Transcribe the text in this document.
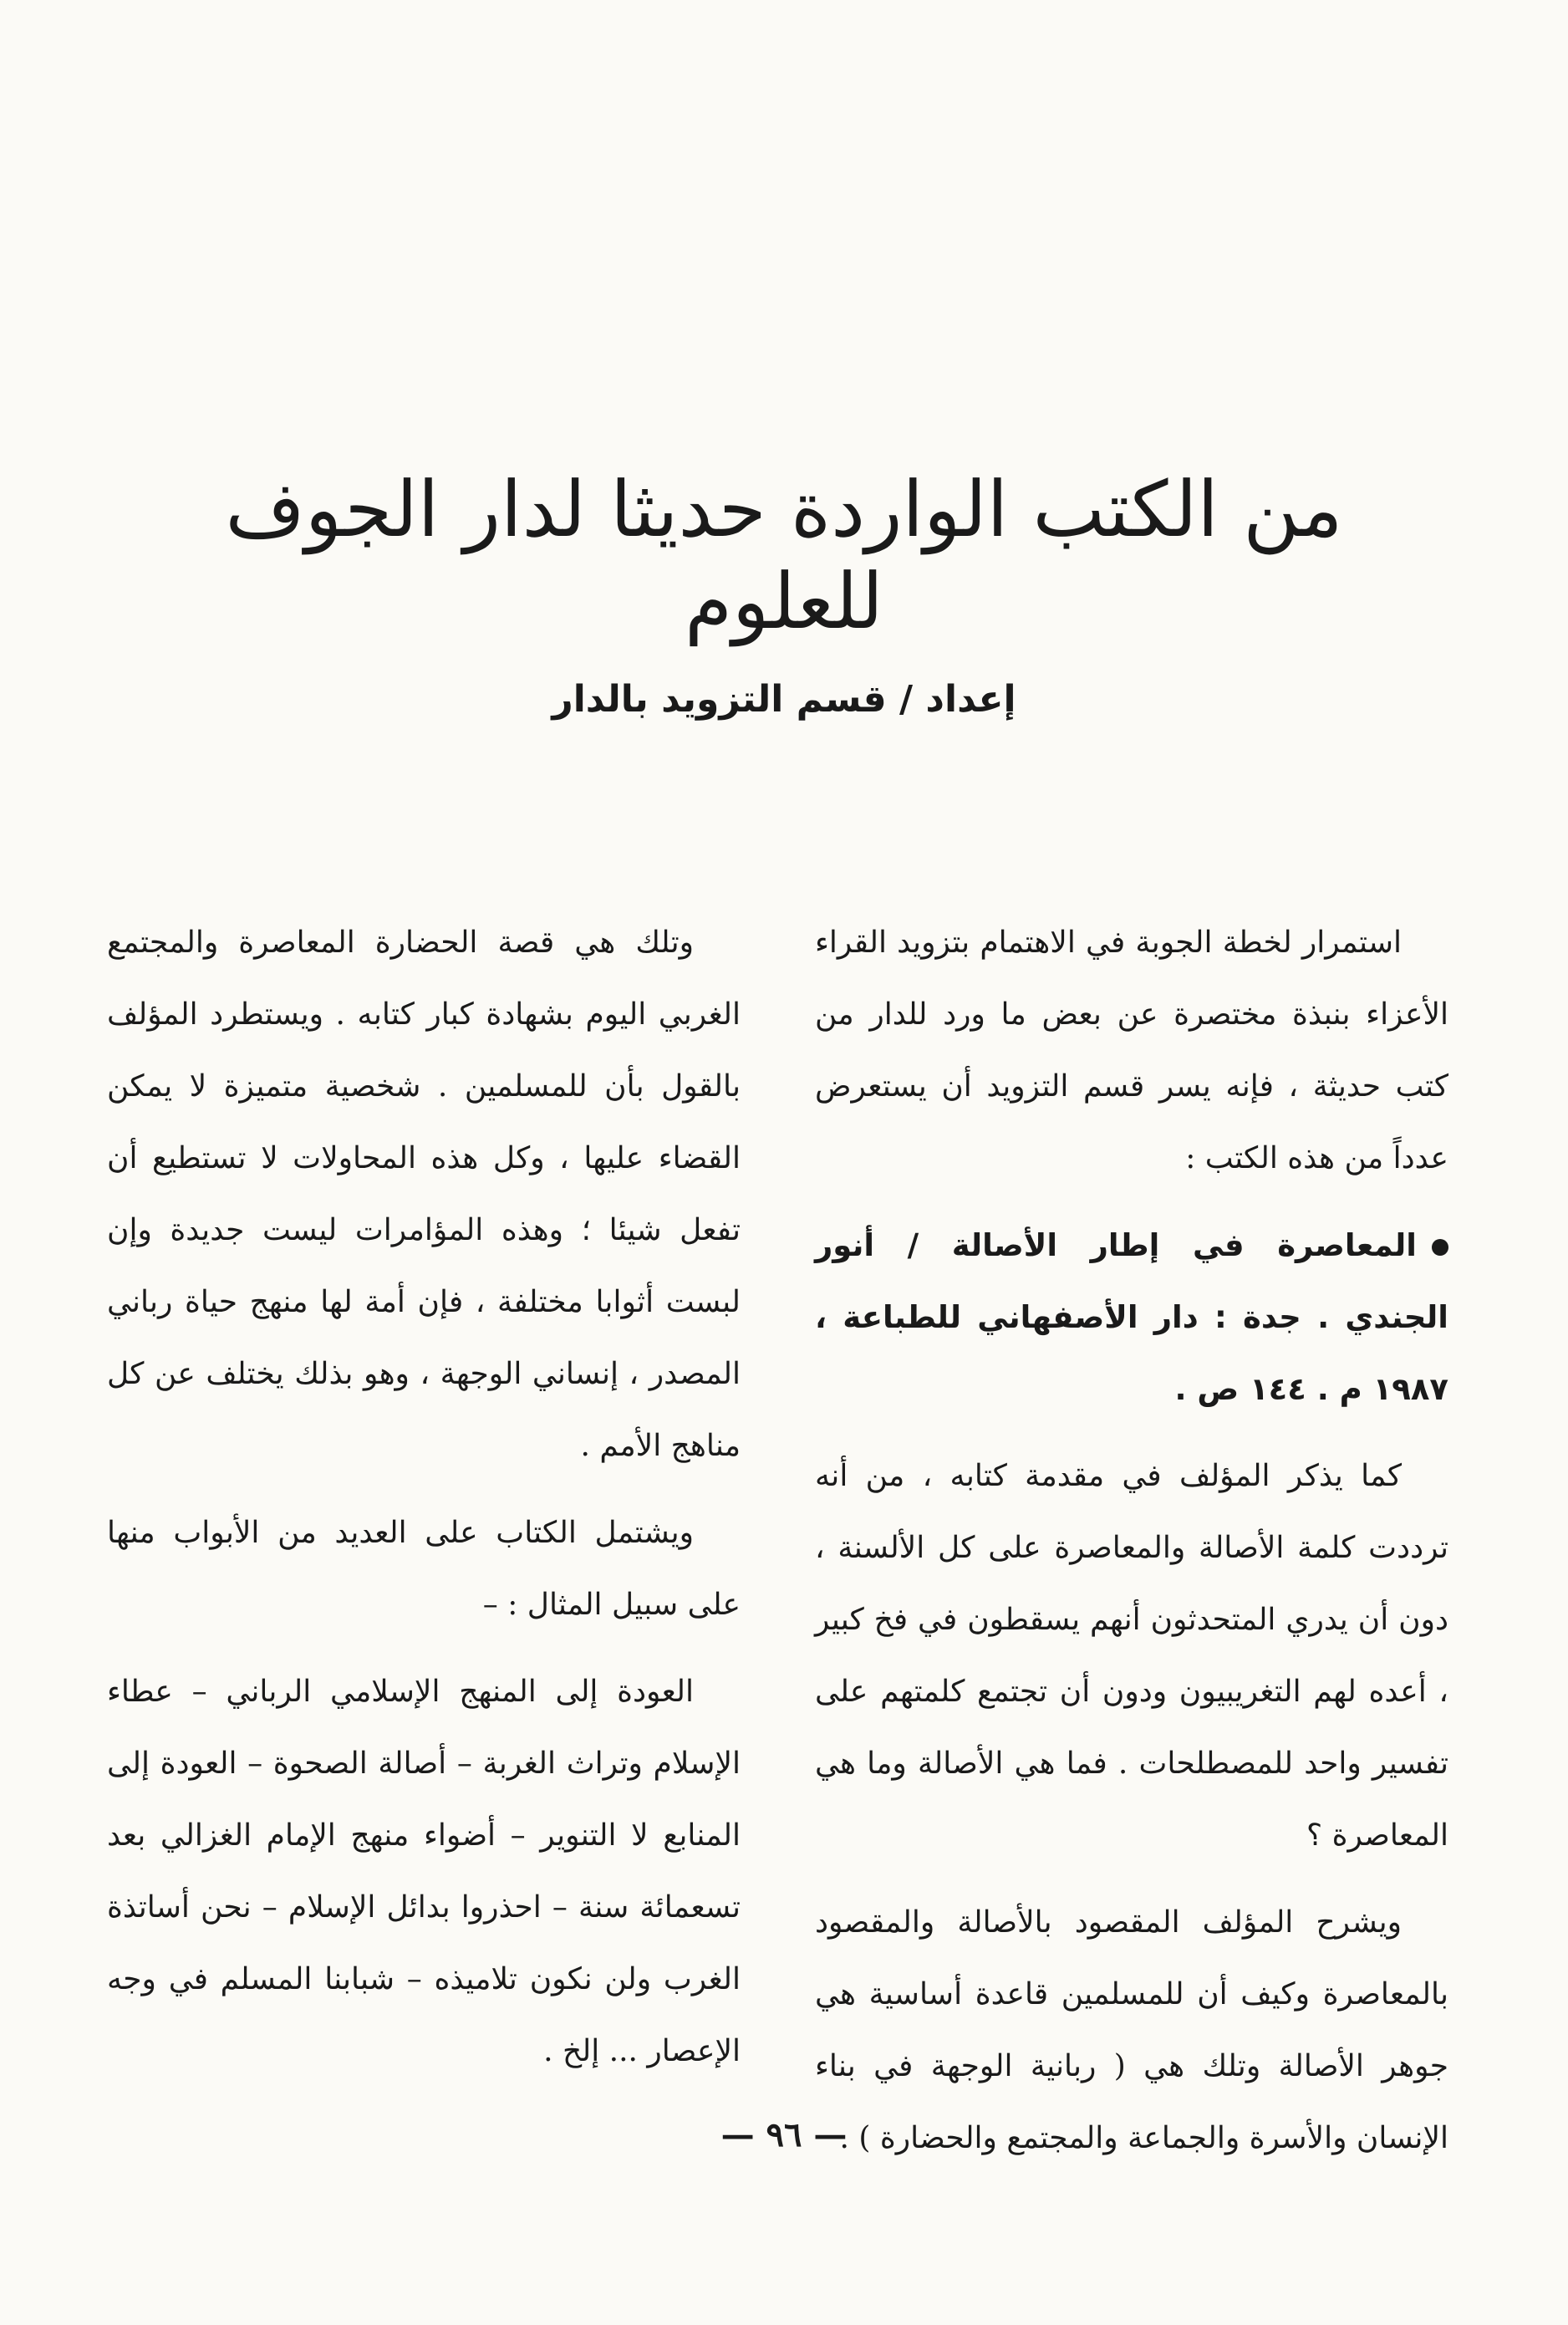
من الكتب الواردة حديثا لدار الجوف للعلوم
إعداد / قسم التزويد بالدار

استمرار لخطة الجوبة في الاهتمام بتزويد القراء الأعزاء بنبذة مختصرة عن بعض ما ورد للدار من كتب حديثة ، فإنه يسر قسم التزويد أن يستعرض عدداً من هذه الكتب :

المعاصرة في إطار الأصالة / أنور الجندي . جدة : دار الأصفهاني للطباعة ، ١٩٨٧ م . ١٤٤ ص .

كما يذكر المؤلف في مقدمة كتابه ، من أنه ترددت كلمة الأصالة والمعاصرة على كل الألسنة ، دون أن يدري المتحدثون أنهم يسقطون في فخ كبير ، أعده لهم التغريبيون ودون أن تجتمع كلمتهم على تفسير واحد للمصطلحات . فما هي الأصالة وما هي المعاصرة ؟

ويشرح المؤلف المقصود بالأصالة والمقصود بالمعاصرة وكيف أن للمسلمين قاعدة أساسية هي جوهر الأصالة وتلك هي ( ربانية الوجهة في بناء الإنسان والأسرة والجماعة والمجتمع والحضارة ) .

وتلك هي قصة الحضارة المعاصرة والمجتمع الغربي اليوم بشهادة كبار كتابه . ويستطرد المؤلف بالقول بأن للمسلمين . شخصية متميزة لا يمكن القضاء عليها ، وكل هذه المحاولات لا تستطيع أن تفعل شيئا ؛ وهذه المؤامرات ليست جديدة وإن لبست أثوابا مختلفة ، فإن أمة لها منهج حياة رباني المصدر ، إنساني الوجهة ، وهو بذلك يختلف عن كل مناهج الأمم .

ويشتمل الكتاب على العديد من الأبواب منها على سبيل المثال : –

العودة إلى المنهج الإسلامي الرباني – عطاء الإسلام وتراث الغربة – أصالة الصحوة – العودة إلى المنابع لا التنوير – أضواء منهج الإمام الغزالي بعد تسعمائة سنة – احذروا بدائل الإسلام – نحن أساتذة الغرب ولن نكون تلاميذه – شبابنا المسلم في وجه الإعصار ... إلخ .

— ٩٦ —
